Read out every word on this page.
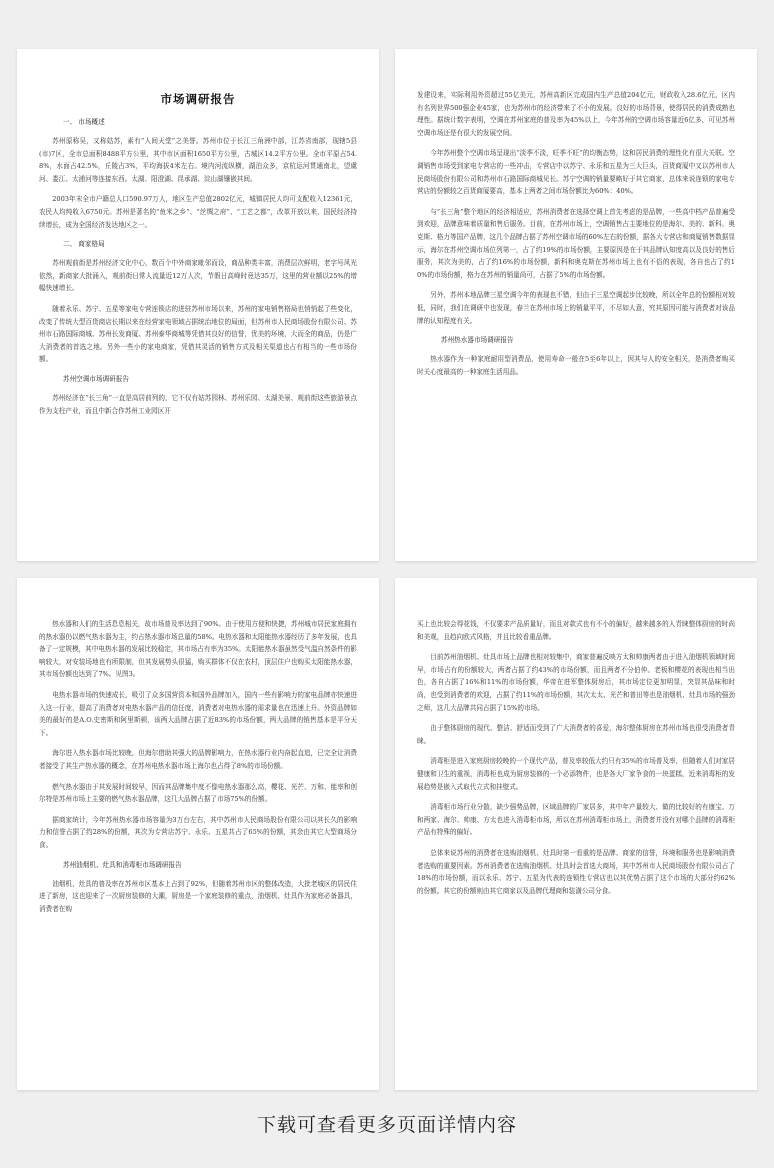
市场调研报告
一、 市场概述

苏州原称吴，又称姑苏，素有“人间天堂”之美誉。苏州市位于长江三角洲中部，江苏省南部，现辖5县(市)7区，全市总面积8488平方公里，其中市区面积1650平方公里，古城区14.2平方公里。全市平原占54.8%，水面占42.5%，丘陵占3%，平均海拔4米左右。境内河流纵横，湖泊众多，京杭运河贯通南北，望虞河、娄江、太浦河等连接东西。太湖、阳澄湖、昆承湖、淀山湖镶嵌其间。

2003年末全市户籍总人口590.97万人，地区生产总值2802亿元，城镇居民人均可支配收入12361元，农民人均纯收入6750元。苏州是著名的“鱼米之乡”、“丝绸之府”、“工艺之都”，改革开放以来，国民经济持续增长，成为全国经济发达地区之一。

二、 商家格局

苏州观前街是苏州经济文化中心，数百个中外商家毗邻而设，商品种类丰富，消费层次鲜明，老字号风光依然，新商家大批涌入，观前街日常人流量近12万人次，节假日高峰时竟达35万，这里的营业额以25%的增幅快速增长。

随着永乐、苏宁、五星等家电专营连锁店的进驻苏州市场以来，苏州的家电销售格局也悄悄起了些变化，改变了传统大型百货商店长期以来在经营家电领域占据统治地位的局面，但苏州市人民商场股份有限公司、苏州市石路国际商城、苏州长发商厦、苏州泰华商城等凭借其良好的信誉，优美的环境，大而全的商品，仍是广大消费者的首选之地。另外一些小的家电商家，凭借其灵活的销售方式及相关渠道也占有相当的一些市场份额。

苏州空调市场调研报告

苏州经济在“长三角”一直是高居前列的，它不仅有姑苏园林、苏州乐园、太湖美景、观前街这些旅游景点作为支柱产业，而且中新合作苏州工业园区开

发建设来，实际利用外资超过55亿美元，苏州高新区完成国内生产总值204亿元，财政收入28.6亿元，区内有名列世界500强企业45家，也为苏州市的经济带来了不小的发展。良好的市场背景，使得居民的消费成熟也理性。据统计数字表明，空调在苏州家庭的普及率为45%以上，今年苏州的空调市场容量近6亿多，可见苏州空调市场还是有很大的发展空间。

今年苏州整个空调市场呈现出“淡季不淡，旺季不旺”的均衡态势，这和居民消费的理性化有很大关联。空调销售市场受到家电专营店的一些冲击，专营店中以苏宁、永乐和五星为三大巨头，百货商厦中又以苏州市人民商场股份有限公司和苏州市石路国际商城见长。苏宁空调的销量要略好于其它商家，总体来说连锁的家电专营店的份额较之百货商厦要高，基本上两者之间市场份额比为60%：40%。

与“长三角”整个地区的经济相适应，苏州消费者在选择空调上首先考虑的是品牌，一些高中档产品普遍受到欢迎，品牌意味着质量和售后服务。目前，在苏州市场上，空调销售占主要地位的是海尔、美的、新科、奥克斯、格力等国产品牌，这几个品牌占据了苏州空调市场的60%左右的份额，据各大专营店和商厦销售数据显示，海尔在苏州空调市场位列第一，占了约19%的市场份额，主要原因是在于其品牌认知度高以及良好的售后服务，其次为美的，占了约16%的市场份额，新科和奥克斯在苏州市场上也有不俗的表现，各自也占了约10%的市场份额，格力在苏州的销量尚可，占据了5%的市场份额。

另外，苏州本地品牌三星空调今年的表现也不错，但由于三星空调起步比较晚，所以全年总的份额相对较低，同时，我们在调研中也发现，春兰在苏州市场上的销量平平，不尽如人意，究其原因可能与消费者对该品牌的认知程度有关。

苏州热水器市场调研报告

热水器作为一种家庭耐用型消费品，使用寿命一般在5至6年以上，因其与人的安全相关，是消费者购买时关心度最高的一种家庭生活用品。

热水器和人们的生活息息相关，故市场普及率达到了90%。由于使用方便和快捷，苏州城市居民家庭拥有的热水器仍以燃气热水器为主，约占热水器市场总量的58%。电热水器和太阳能热水器经历了多年发展，也具备了一定规模，其中电热水器的发展比较稳定，其市场占有率为35%。太阳能热水器虽然受气温自然条件的影响较大，对安装场地也有所限制，但其发展势头很猛，购买群体不仅在农村，顶层住户也购买太阳能热水器，其市场份额也达到了7%。见图3。

电热水器市场的快速成长，吸引了众多国营资本和国外品牌加入，国内一些有影响力的家电品牌亦快速进入这一行业，提高了消费者对电热水器产品的信任度，消费者对电热水器的需求量也在迅速上升。外资品牌如美的最好的是A.O.史密斯和阿里斯顿，该两大品牌占据了近83%的市场份额，两大品牌的销售基本是平分天下。

海尔进入热水器市场比较晚，但海尔借助其强大的品牌影响力，在热水器行业内奋起直追，已完全让消费者接受了其生产热水器的概念，在苏州电热水器市场上海尔也占得了8%的市场份额。

燃气热水器由于其发展时间较早，因而其品牌集中度不像电热水器那么高，樱花、光芒、万和、能率和创尔特是苏州市场上主要的燃气热水器品牌，这几大品牌占据了市场75%的份额。

据商家统计，今年苏州热水器市场容量为3万台左右，其中苏州市人民商场股份有限公司以其长久的影响力和信誉占据了约28%的份额，其次为专营店苏宁、永乐、五星共占了65%的份额，其余由其它大型商场分食。

苏州油烟机、灶具和消毒柜市场调研报告

油烟机、灶具的普及率在苏州市区基本上占到了92%，但随着苏州市区的整体改造，大批老城区的居民住进了新房，这也迎来了一次厨房装修的大潮，厨房是一个家庭装修的重点，油烟机、灶具作为家庭必备器具，消费者在购

买上也比较会得花钱，不仅要求产品质量好，而且对款式也有不小的偏好，越来越多的人青睐整体厨房的时尚和美观，且趋向欧式风格，并且比较看重品牌。

目前苏州油烟机、灶具市场上品牌也相对较集中，商家普遍反映方太和帅康两者由于进入油烟机领域时间早，市场占有的份额较大，两者占据了约43%的市场份额，而且两者不分伯仲。老板和樱花的表现也相当出色，各自占据了16%和11%的市场份额，华帝在进军整体厨房后，其市场定位更加明显，突显其品味和时尚，也受到消费者的欢迎，占据了约11%的市场份额，其次太太、光芒和普田等也是油烟机、灶具市场的强劲之师，这几大品牌共同占据了15%的市场。

由于整体厨房的现代、整洁、舒适而受到了广大消费者的喜爱，海尔整体厨房在苏州市场也很受消费者青睐。

消毒柜是进入家庭厨房较晚的一个现代产品，普及率较低大约只有35%的市场普及率，但随着人们对家居健康和卫生的重视，消毒柜也成为厨房装修的一个必添物件，也是各大厂家争食的一块蛋糕，近来消毒柜的发展趋势是嵌入式取代立式和挂壁式。

消毒柜市场行业分散，缺少强势品牌，区域品牌的厂家居多，其中年产量较大、做的比较好的有康宝、万和两家、海尔、帅康、方太也进入消毒柜市场，所以在苏州消毒柜市场上，消费者并没有对哪个品牌的消毒柜产品有特殊的偏好。

总体来说苏州的消费者在选购油烟机、灶具时第一看重的是品牌、商家的信誉，环境和服务也是影响消费者选购的重要因素。苏州消费者在选购油烟机、灶具时会首选大商场，其中苏州市人民商场股份有限公司占了18%的市场份额，而以永乐、苏宁、五星为代表的连锁性专营店也以其优势占据了这个市场的大部分约62%的份额。其它的份额则由其它商家以及品牌代理商和装潢公司分食。

下载可查看更多页面详情内容
